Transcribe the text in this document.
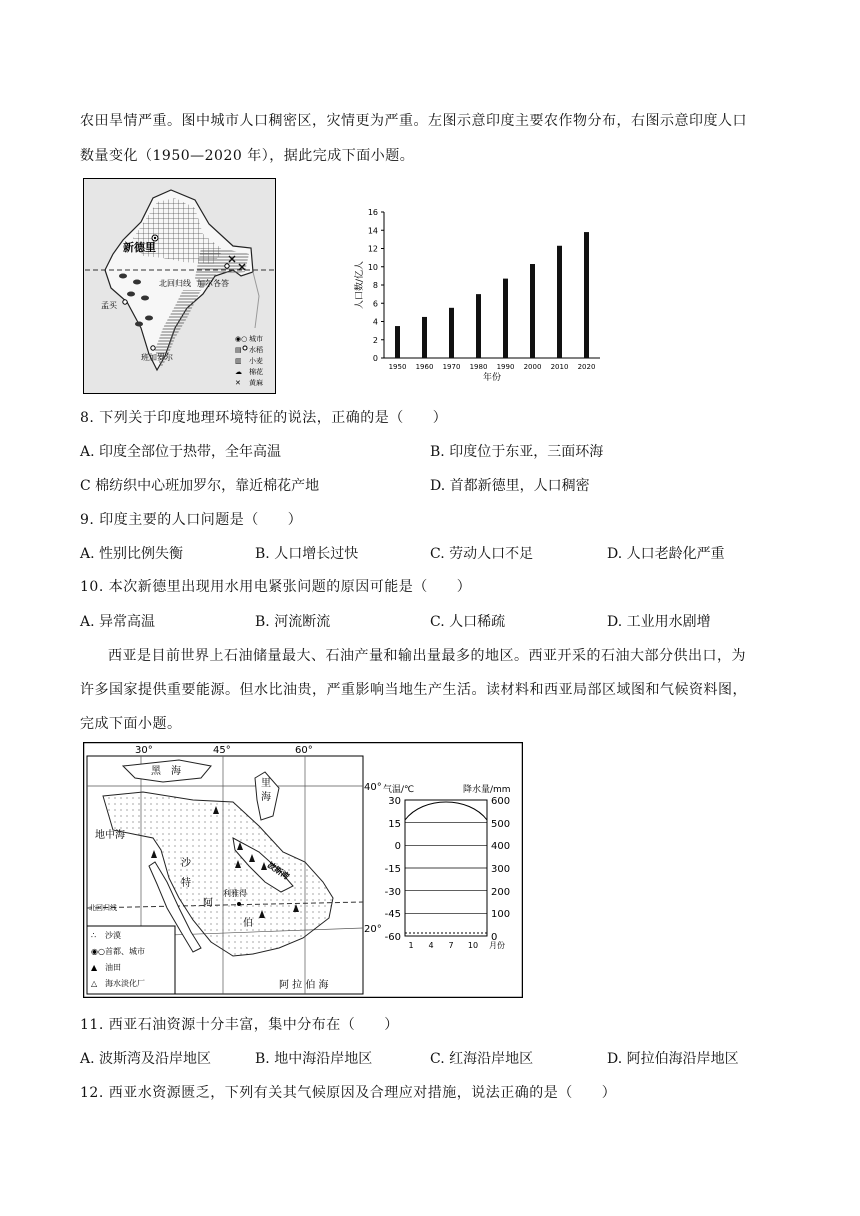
农田旱情严重。图中城市人口稠密区，灾情更为严重。左图示意印度主要农作物分布，右图示意印度人口
数量变化（1950—2020 年），据此完成下面小题。
新德里
北回归线 加尔各答
孟买
班加罗尔
◉○ 城市
▤ 水稻
▥ 小麦
☁ 棉花
✕ 黄麻
0
2
4
6
8
10
12
14
16
1950 1960 1970 1980 1990 2000 2010 2020
年份
人口数/亿人
8. 下列关于印度地理环境特征的说法，正确的是（　　）
A. 印度全部位于热带，全年高温	B. 印度位于东亚，三面环海
C 棉纺织中心班加罗尔，靠近棉花产地	D. 首都新德里，人口稠密
9. 印度主要的人口问题是（　　）
A. 性别比例失衡	B. 人口增长过快	C. 劳动人口不足	D. 人口老龄化严重
10. 本次新德里出现用水用电紧张问题的原因可能是（　　）
A. 异常高温	B. 河流断流	C. 人口稀疏	D. 工业用水剧增
西亚是目前世界上石油储量最大、石油产量和输出量最多的地区。西亚开采的石油大部分供出口，为
许多国家提供重要能源。但水比油贵，严重影响当地生产生活。读材料和西亚局部区域图和气候资料图，
完成下面小题。
30°	45°	60°
40°
20°
黑　海
里
海
地中海
沙
特
阿
伯
阿 拉 伯 海
利雅得
波斯湾
北回归线
∴ 沙漠
◉○ 首都、城市
▲ 油田
△ 海水淡化厂
气温/℃	降水量/mm
30
15
0
-15
-30
-45
-60
600
500
400
300
200
100
0
1 4 7 10 月份
11. 西亚石油资源十分丰富，集中分布在（　　）
A. 波斯湾及沿岸地区	B. 地中海沿岸地区	C. 红海沿岸地区	D. 阿拉伯海沿岸地区
12. 西亚水资源匮乏，下列有关其气候原因及合理应对措施，说法正确的是（　　）
